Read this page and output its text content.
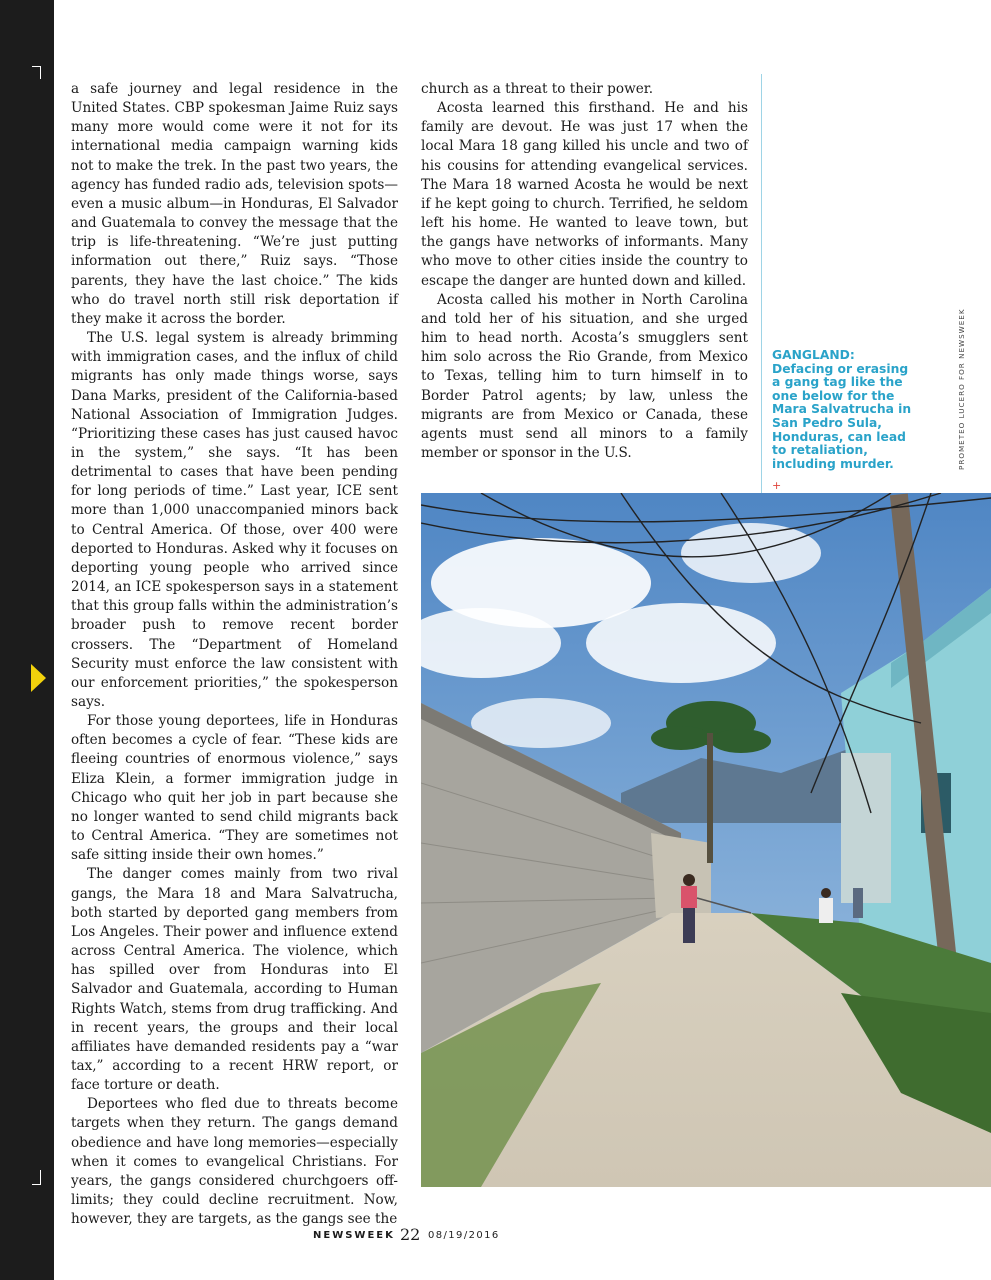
a safe journey and legal residence in the United States. CBP spokesman Jaime Ruiz says many more would come were it not for its international media campaign warning kids not to make the trek. In the past two years, the agency has funded radio ads, television spots—even a music album—in Honduras, El Salvador and Guatemala to convey the message that the trip is life-threatening. “We’re just putting information out there,” Ruiz says. “Those parents, they have the last choice.” The kids who do travel north still risk deportation if they make it across the border.

The U.S. legal system is already brimming with immigration cases, and the influx of child migrants has only made things worse, says Dana Marks, president of the California-based National Association of Immigration Judges. “Prioritizing these cases has just caused havoc in the system,” she says. “It has been detrimental to cases that have been pending for long periods of time.” Last year, ICE sent more than 1,000 unaccompanied minors back to Central America. Of those, over 400 were deported to Honduras. Asked why it focuses on deporting young people who arrived since 2014, an ICE spokesperson says in a statement that this group falls within the administration’s broader push to remove recent border crossers. The “Department of Homeland Security must enforce the law consistent with our enforcement priorities,” the spokesperson says.

For those young deportees, life in Honduras often becomes a cycle of fear. “These kids are fleeing countries of enormous violence,” says Eliza Klein, a former immigration judge in Chicago who quit her job in part because she no longer wanted to send child migrants back to Central America. “They are sometimes not safe sitting inside their own homes.”

The danger comes mainly from two rival gangs, the Mara 18 and Mara Salvatrucha, both started by deported gang members from Los Angeles. Their power and influence extend across Central America. The violence, which has spilled over from Honduras into El Salvador and Guatemala, according to Human Rights Watch, stems from drug trafficking. And in recent years, the groups and their local affiliates have demanded residents pay a “war tax,” according to a recent HRW report, or face torture or death.

Deportees who fled due to threats become targets when they return. The gangs demand obedience and have long memories—especially when it comes to evangelical Christians. For years, the gangs considered churchgoers off-limits; they could decline recruitment. Now, however, they are targets, as the gangs see the

church as a threat to their power.

Acosta learned this firsthand. He and his family are devout. He was just 17 when the local Mara 18 gang killed his uncle and two of his cousins for attending evangelical services. The Mara 18 warned Acosta he would be next if he kept going to church. Terrified, he seldom left his home. He wanted to leave town, but the gangs have networks of informants. Many who move to other cities inside the country to escape the danger are hunted down and killed.

Acosta called his mother in North Carolina and told her of his situation, and she urged him to head north. Acosta’s smugglers sent him solo across the Rio Grande, from Mexico to Texas, telling him to turn himself in to Border Patrol agents; by law, unless the migrants are from Mexico or Canada, these agents must send all minors to a family member or sponsor in the U.S.

GANGLAND:
Defacing or erasing a gang tag like the one below for the Mara Salvatrucha in San Pedro Sula, Honduras, can lead to retaliation, including murder.
+
PROMETEO LUCERO FOR NEWSWEEK
NEWSWEEK 22 08/19/2016
